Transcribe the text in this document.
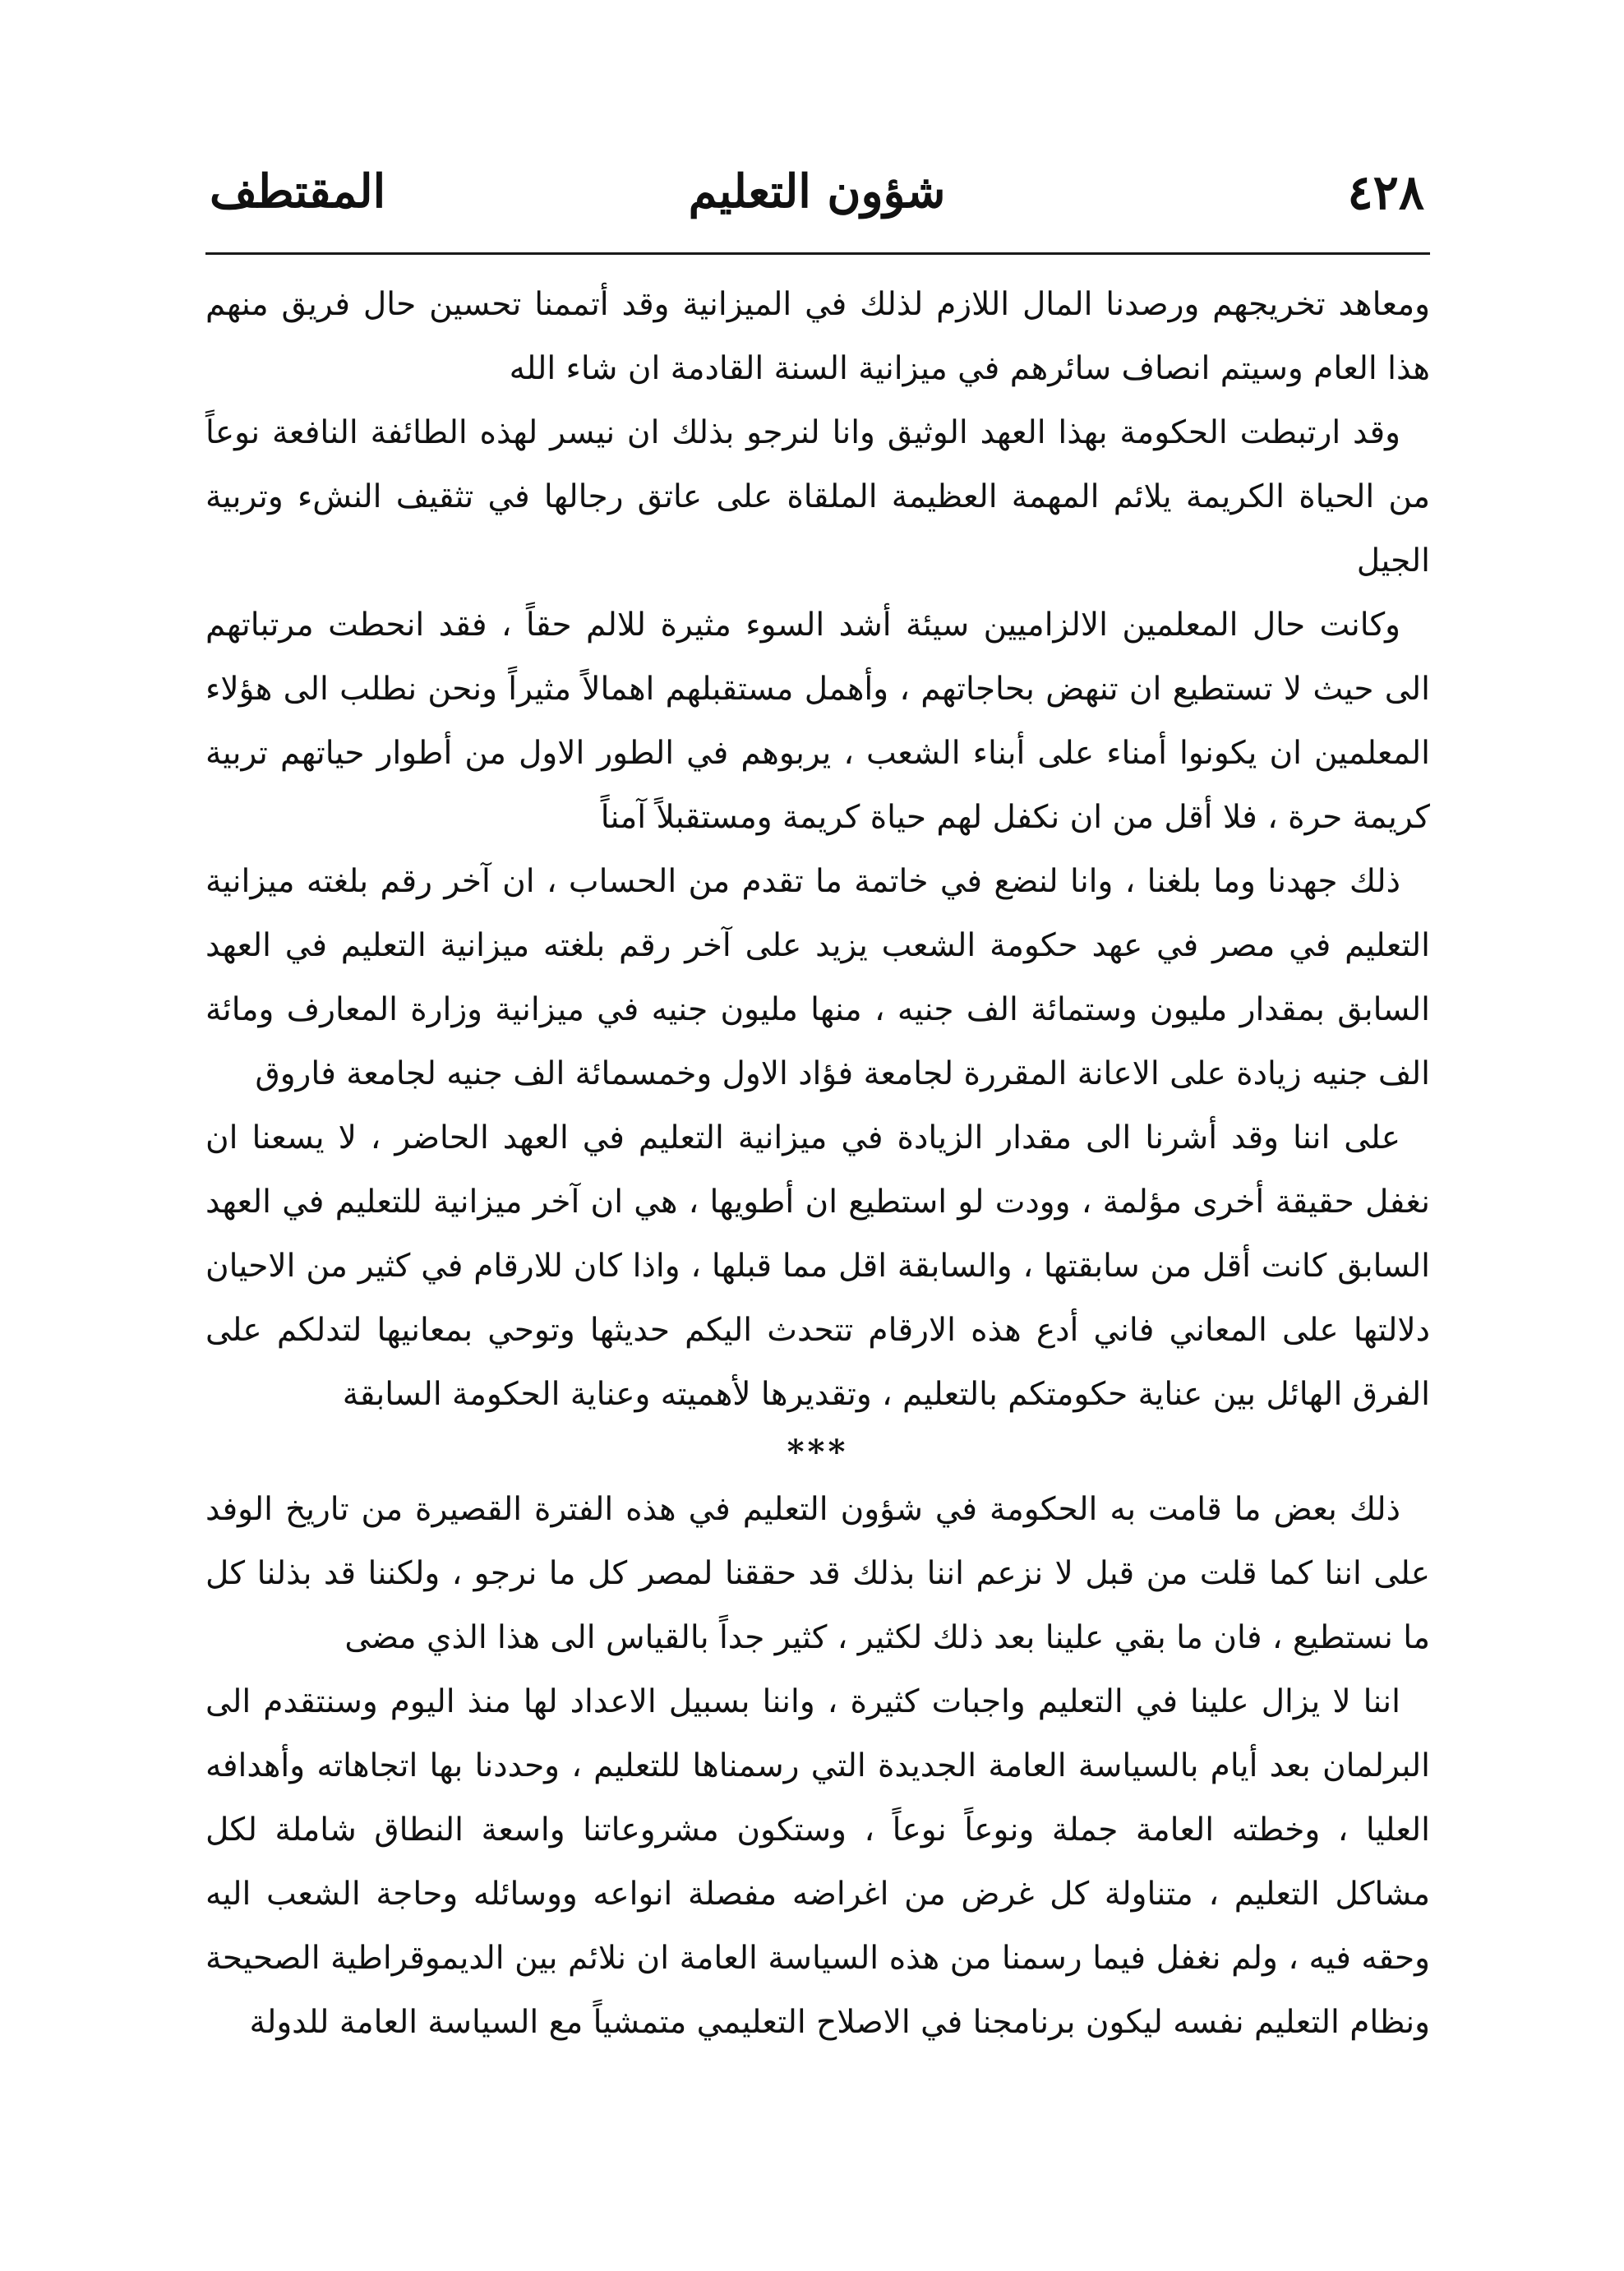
٤٢٨
شؤون التعليم
المقتطف

ومعاهد تخريجهم ورصدنا المال اللازم لذلك في الميزانية وقد أتممنا تحسين حال فريق منهم هذا العام وسيتم انصاف سائرهم في ميزانية السنة القادمة ان شاء الله

وقد ارتبطت الحكومة بهذا العهد الوثيق وانا لنرجو بذلك ان نيسر لهذه الطائفة النافعة نوعاً من الحياة الكريمة يلائم المهمة العظيمة الملقاة على عاتق رجالها في تثقيف النشء وتربية الجيل

وكانت حال المعلمين الالزاميين سيئة أشد السوء مثيرة للالم حقاً ، فقد انحطت مرتباتهم الى حيث لا تستطيع ان تنهض بحاجاتهم ، وأهمل مستقبلهم اهمالاً مثيراً ونحن نطلب الى هؤلاء المعلمين ان يكونوا أمناء على أبناء الشعب ، يربوهم في الطور الاول من أطوار حياتهم تربية كريمة حرة ، فلا أقل من ان نكفل لهم حياة كريمة ومستقبلاً آمناً

ذلك جهدنا وما بلغنا ، وانا لنضع في خاتمة ما تقدم من الحساب ، ان آخر رقم بلغته ميزانية التعليم في مصر في عهد حكومة الشعب يزيد على آخر رقم بلغته ميزانية التعليم في العهد السابق بمقدار مليون وستمائة الف جنيه ، منها مليون جنيه في ميزانية وزارة المعارف ومائة الف جنيه زيادة على الاعانة المقررة لجامعة فؤاد الاول وخمسمائة الف جنيه لجامعة فاروق

على اننا وقد أشرنا الى مقدار الزيادة في ميزانية التعليم في العهد الحاضر ، لا يسعنا ان نغفل حقيقة أخرى مؤلمة ، وودت لو استطيع ان أطويها ، هي ان آخر ميزانية للتعليم في العهد السابق كانت أقل من سابقتها ، والسابقة اقل مما قبلها ، واذا كان للارقام في كثير من الاحيان دلالتها على المعاني فاني أدع هذه الارقام تتحدث اليكم حديثها وتوحي بمعانيها لتدلكم على الفرق الهائل بين عناية حكومتكم بالتعليم ، وتقديرها لأهميته وعناية الحكومة السابقة

***

ذلك بعض ما قامت به الحكومة في شؤون التعليم في هذه الفترة القصيرة من تاريخ الوفد على اننا كما قلت من قبل لا نزعم اننا بذلك قد حققنا لمصر كل ما نرجو ، ولكننا قد بذلنا كل ما نستطيع ، فان ما بقي علينا بعد ذلك لكثير ، كثير جداً بالقياس الى هذا الذي مضى

اننا لا يزال علينا في التعليم واجبات كثيرة ، واننا بسبيل الاعداد لها منذ اليوم وسنتقدم الى البرلمان بعد أيام بالسياسة العامة الجديدة التي رسمناها للتعليم ، وحددنا بها اتجاهاته وأهدافه العليا ، وخطته العامة جملة ونوعاً نوعاً ، وستكون مشروعاتنا واسعة النطاق شاملة لكل مشاكل التعليم ، متناولة كل غرض من اغراضه مفصلة انواعه ووسائله وحاجة الشعب اليه وحقه فيه ، ولم نغفل فيما رسمنا من هذه السياسة العامة ان نلائم بين الديموقراطية الصحيحة ونظام التعليم نفسه ليكون برنامجنا في الاصلاح التعليمي متمشياً مع السياسة العامة للدولة
